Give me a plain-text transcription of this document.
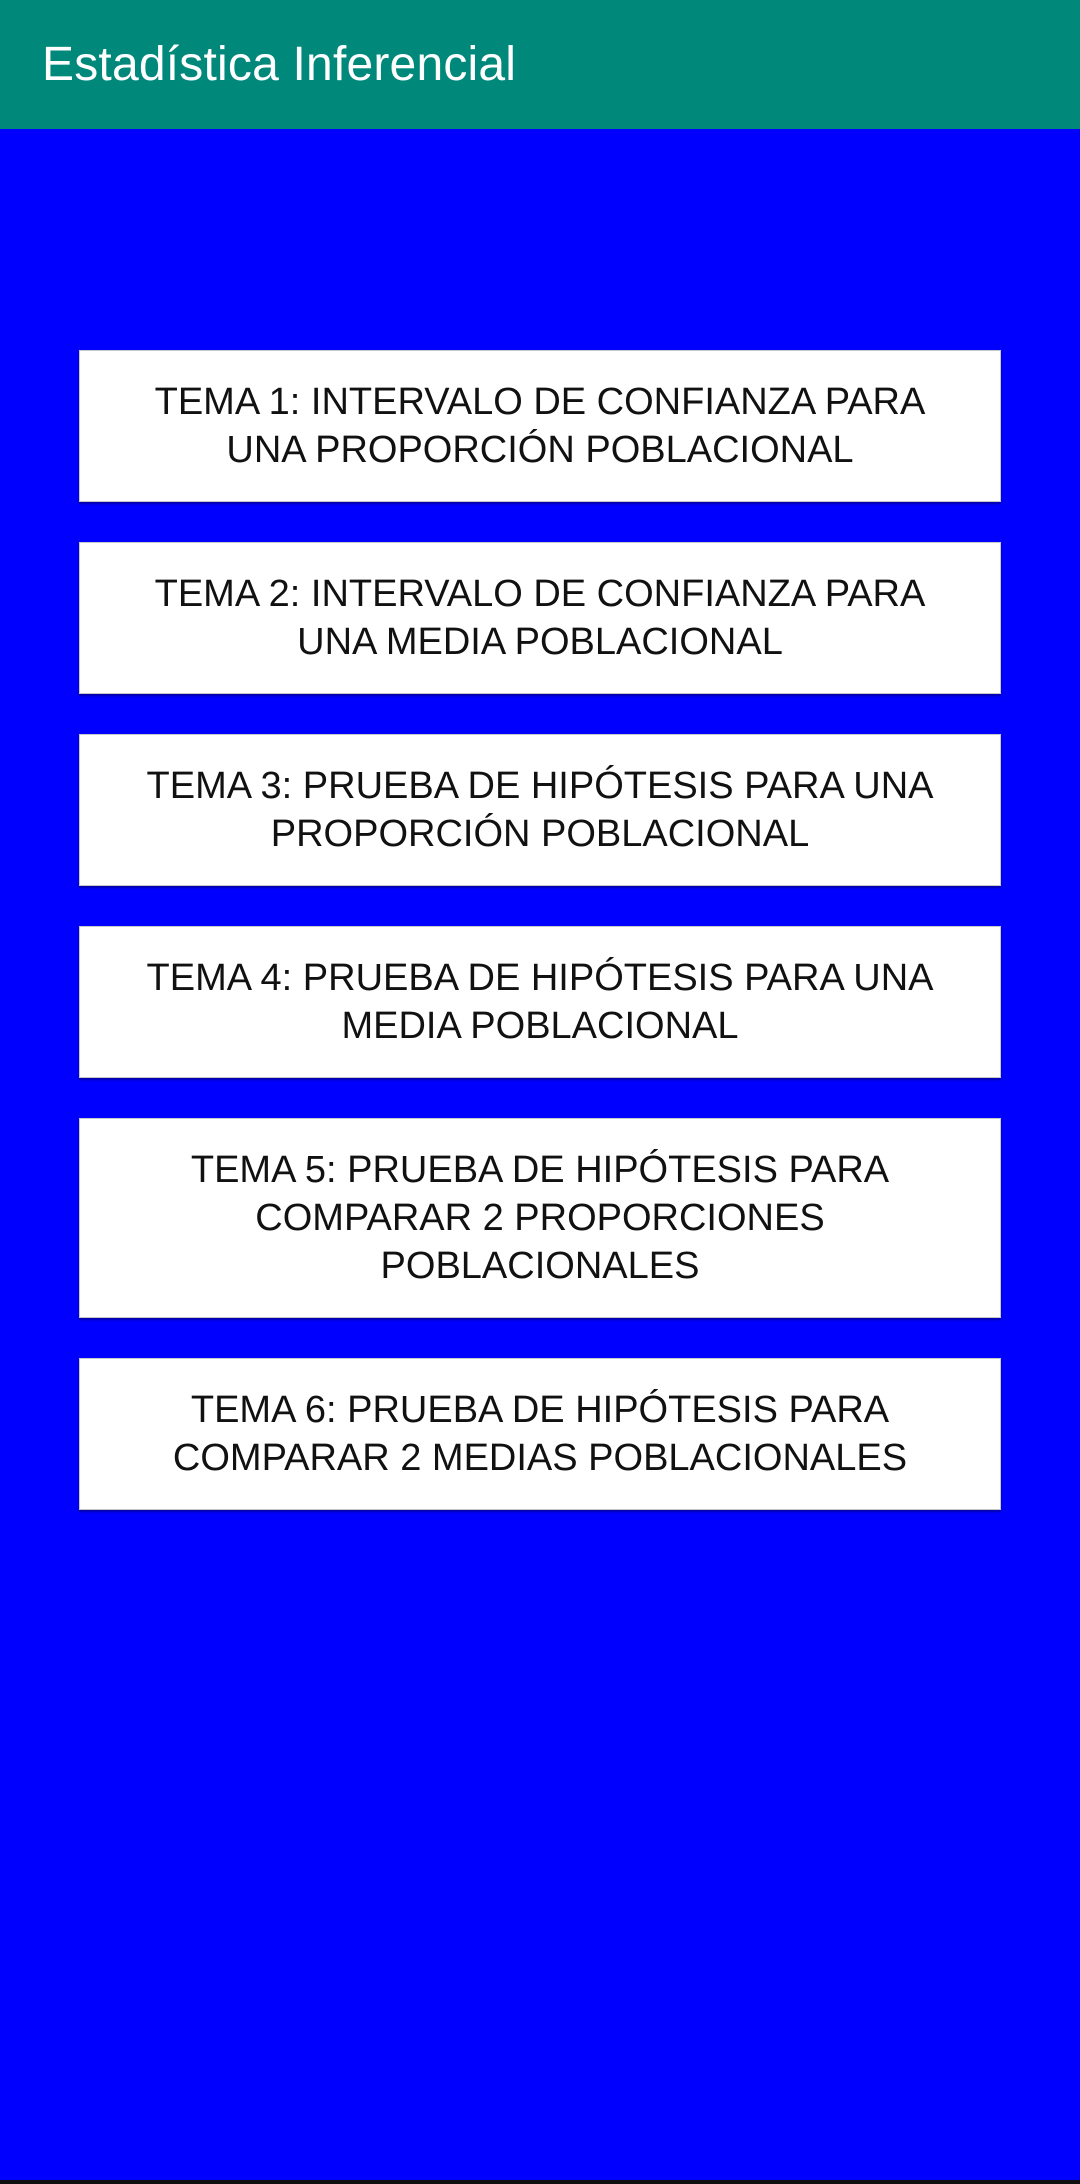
Estadística Inferencial
TEMA 1: INTERVALO DE CONFIANZA PARA
UNA PROPORCIÓN POBLACIONAL
TEMA 2: INTERVALO DE CONFIANZA PARA
UNA MEDIA POBLACIONAL
TEMA 3: PRUEBA DE HIPÓTESIS PARA UNA
PROPORCIÓN POBLACIONAL
TEMA 4: PRUEBA DE HIPÓTESIS PARA UNA
MEDIA POBLACIONAL
TEMA 5: PRUEBA DE HIPÓTESIS PARA
COMPARAR 2 PROPORCIONES
POBLACIONALES
TEMA 6: PRUEBA DE HIPÓTESIS PARA
COMPARAR 2 MEDIAS POBLACIONALES
